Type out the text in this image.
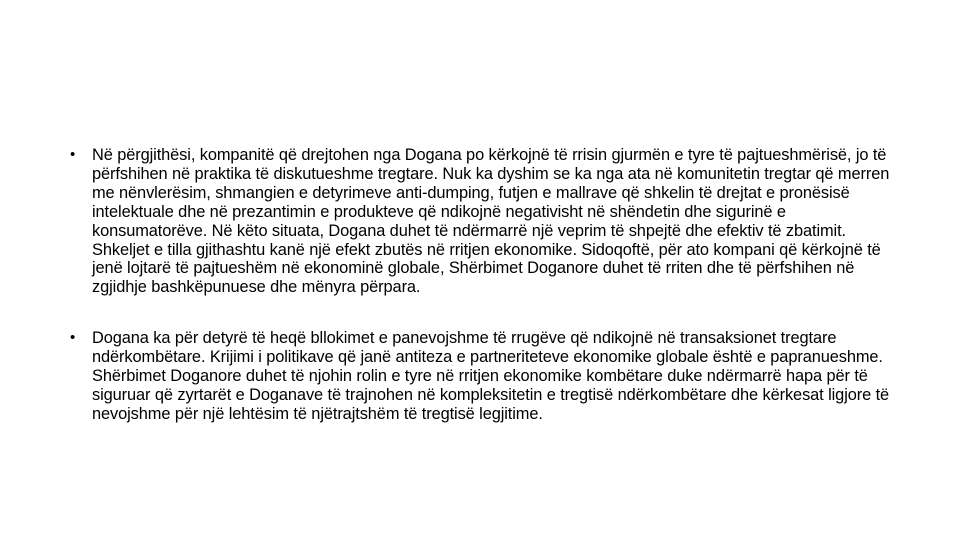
• Në përgjithësi, kompanitë që drejtohen nga Dogana po kërkojnë të rrisin gjurmën e tyre të pajtueshmërisë, jo të përfshihen në praktika të diskutueshme tregtare. Nuk ka dyshim se ka nga ata në komunitetin tregtar që merren me nënvlerësim, shmangien e detyrimeve anti-dumping, futjen e mallrave që shkelin të drejtat e pronësisë intelektuale dhe në prezantimin e produkteve që ndikojnë negativisht në shëndetin dhe sigurinë e konsumatorëve. Në këto situata, Dogana duhet të ndërmarrë një veprim të shpejtë dhe efektiv të zbatimit. Shkeljet e tilla gjithashtu kanë një efekt zbutës në rritjen ekonomike. Sidoqoftë, për ato kompani që kërkojnë të jenë lojtarë të pajtueshëm në ekonominë globale, Shërbimet Doganore duhet të rriten dhe të përfshihen në zgjidhje bashkëpunuese dhe mënyra përpara.
• Dogana ka për detyrë të heqë bllokimet e panevojshme të rrugëve që ndikojnë në transaksionet tregtare ndërkombëtare. Krijimi i politikave që janë antiteza e partneriteteve ekonomike globale është e papranueshme. Shërbimet Doganore duhet të njohin rolin e tyre në rritjen ekonomike kombëtare duke ndërmarrë hapa për të siguruar që zyrtarët e Doganave të trajnohen në kompleksitetin e tregtisë ndërkombëtare dhe kërkesat ligjore të nevojshme për një lehtësim të njëtrajtshëm të tregtisë legjitime.
